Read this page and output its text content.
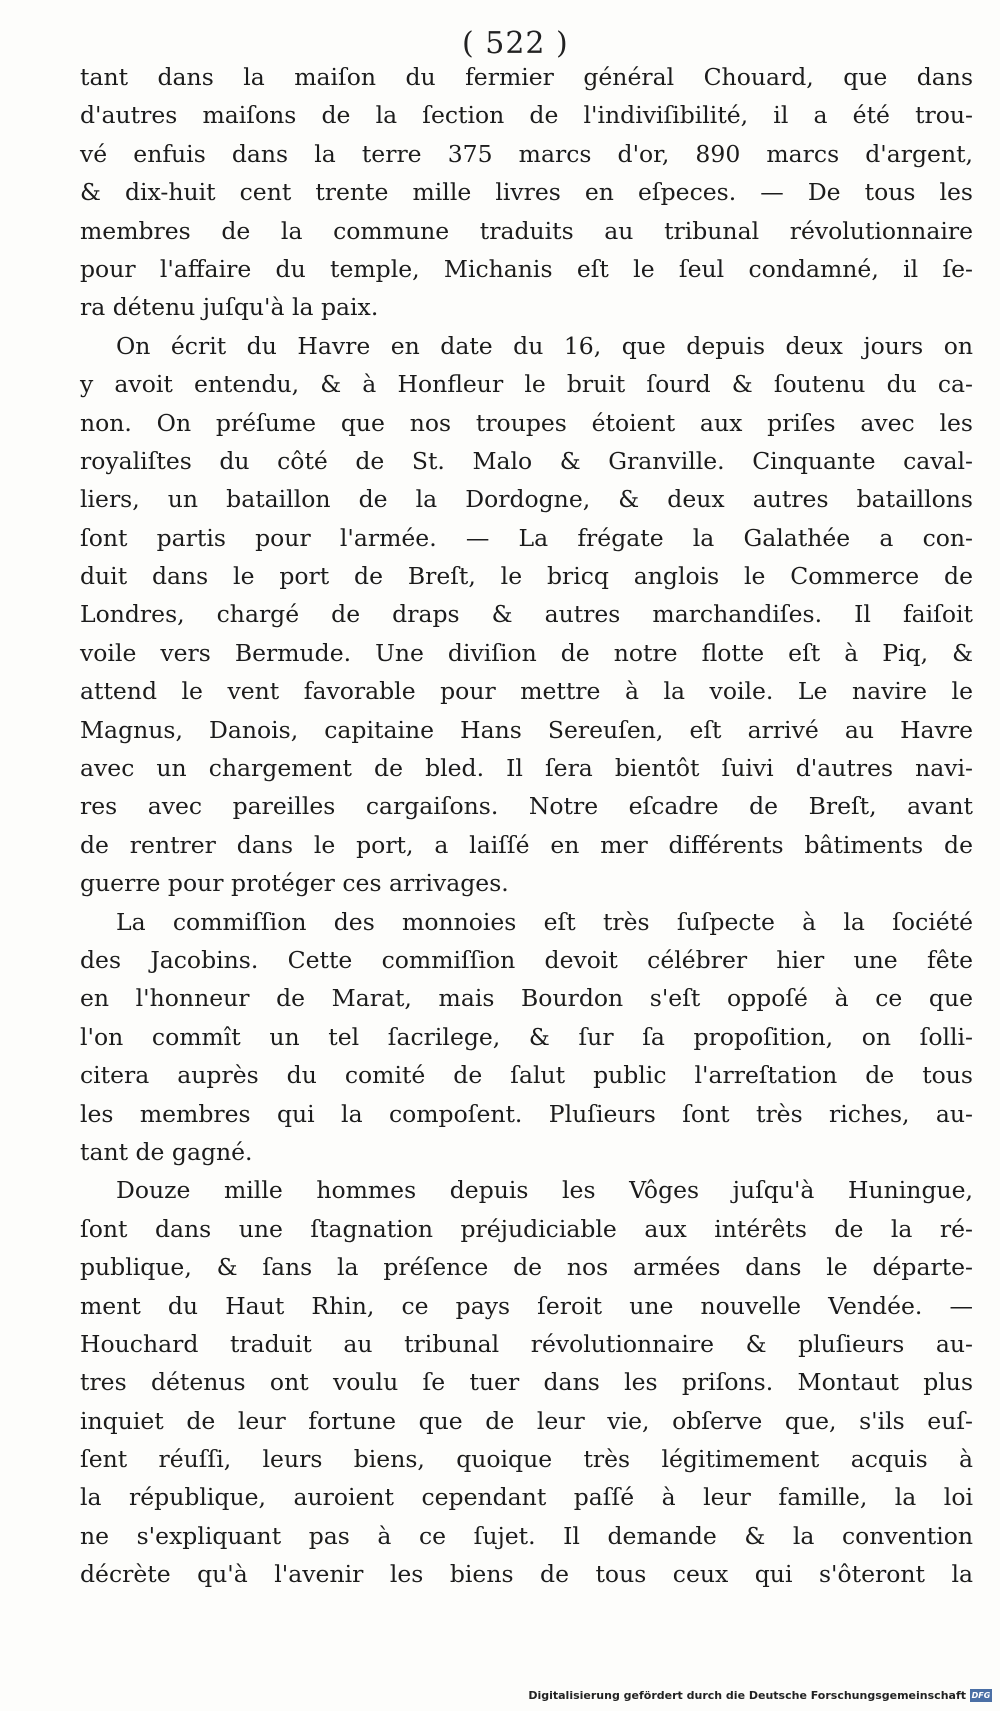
( 522 )
tant dans la maiſon du fermier général Chouard, que dans
d'autres maiſons de la ſection de l'indiviſibilité, il a été trou-
vé enfuis dans la terre 375 marcs d'or, 890 marcs d'argent,
& dix-huit cent trente mille livres en eſpeces. — De tous les
membres de la commune traduits au tribunal révolutionnaire
pour l'affaire du temple, Michanis eſt le ſeul condamné, il ſe-
ra détenu juſqu'à la paix.
On écrit du Havre en date du 16, que depuis deux jours on
y avoit entendu, & à Honfleur le bruit ſourd & ſoutenu du ca-
non. On préſume que nos troupes étoient aux priſes avec les
royaliſtes du côté de St. Malo & Granville. Cinquante caval-
liers, un bataillon de la Dordogne, & deux autres bataillons
ſont partis pour l'armée. — La frégate la Galathée a con-
duit dans le port de Breſt, le bricq anglois le Commerce de
Londres, chargé de draps & autres marchandiſes. Il faiſoit
voile vers Bermude. Une diviſion de notre flotte eſt à Piq, &
attend le vent favorable pour mettre à la voile. Le navire le
Magnus, Danois, capitaine Hans Sereuſen, eſt arrivé au Havre
avec un chargement de bled. Il ſera bientôt ſuivi d'autres navi-
res avec pareilles cargaiſons. Notre eſcadre de Breſt, avant
de rentrer dans le port, a laiſſé en mer différents bâtiments de
guerre pour protéger ces arrivages.
La commiſſion des monnoies eſt très ſuſpecte à la ſociété
des Jacobins. Cette commiſſion devoit célébrer hier une fête
en l'honneur de Marat, mais Bourdon s'eſt oppoſé à ce que
l'on commît un tel ſacrilege, & ſur ſa propoſition, on ſolli-
citera auprès du comité de ſalut public l'arreſtation de tous
les membres qui la compoſent. Pluſieurs ſont très riches, au-
tant de gagné.
Douze mille hommes depuis les Vôges juſqu'à Huningue,
ſont dans une ſtagnation préjudiciable aux intérêts de la ré-
publique, & ſans la préſence de nos armées dans le départe-
ment du Haut Rhin, ce pays ſeroit une nouvelle Vendée. —
Houchard traduit au tribunal révolutionnaire & pluſieurs au-
tres détenus ont voulu ſe tuer dans les priſons. Montaut plus
inquiet de leur fortune que de leur vie, obſerve que, s'ils euſ-
ſent réuſſi, leurs biens, quoique très légitimement acquis à
la république, auroient cependant paſſé à leur famille, la loi
ne s'expliquant pas à ce ſujet. Il demande & la convention
décrète qu'à l'avenir les biens de tous ceux qui s'ôteront la
Digitalisierung gefördert durch die Deutsche Forschungsgemeinschaft DFG
